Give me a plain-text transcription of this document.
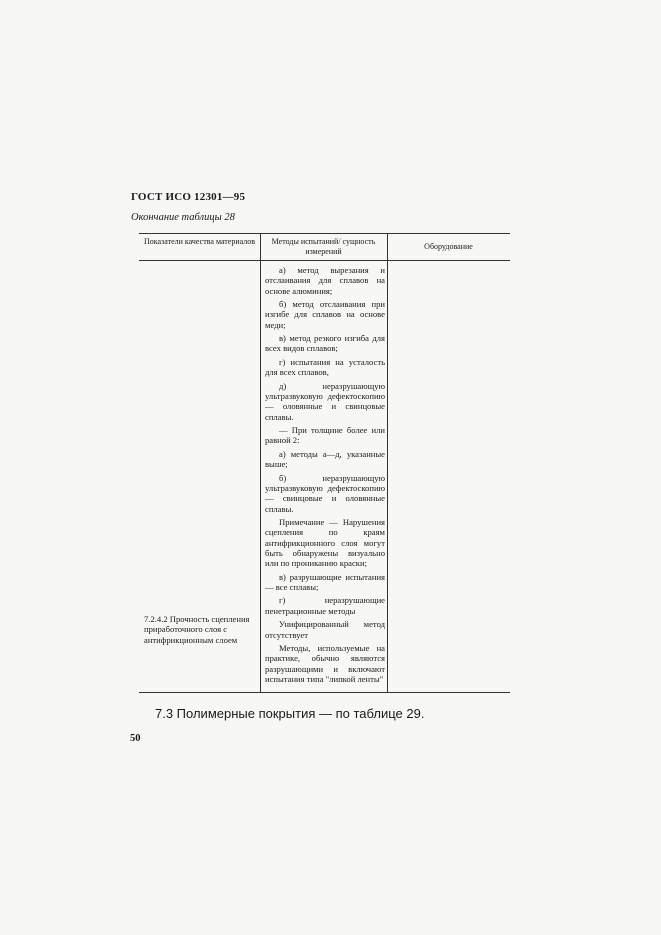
ГОСТ ИСО 12301—95
Окончание таблицы 28
Показатели качества материалов	Методы испытаний/ сущность измерений	Оборудование

а) метод вырезания и отслаивания для сплавов на основе алюминия;

б) метод отслаивания при изгибе для сплавов на основе меди;

в) метод резкого изгиба для всех видов сплавов;

г) испытания на усталость для всех сплавов,

д) неразрушающую ультразвуковую дефектоскопию — оловянные и свинцовые сплавы.

— При толщине более или равной 2:

а) методы а—д, указанные выше;

б) неразрушающую ультразвуковую дефектоскопию — свинцовые и оловянные сплавы.

Примечание — Нарушения сцепления по краям антифрикционного слоя могут быть обнаружены визуально или по прониканию краски;

в) разрушающие испытания — все сплавы;

г) неразрушающие пенетрационные методы

Унифицированный метод отсутствует

Методы, используемые на практике, обычно являются разрушающими и включают испытания типа "липкой ленты"

7.2.4.2 Прочность сцепления приработочного слоя с антифрикционным слоем
7.3 Полимерные покрытия — по таблице 29.
50
